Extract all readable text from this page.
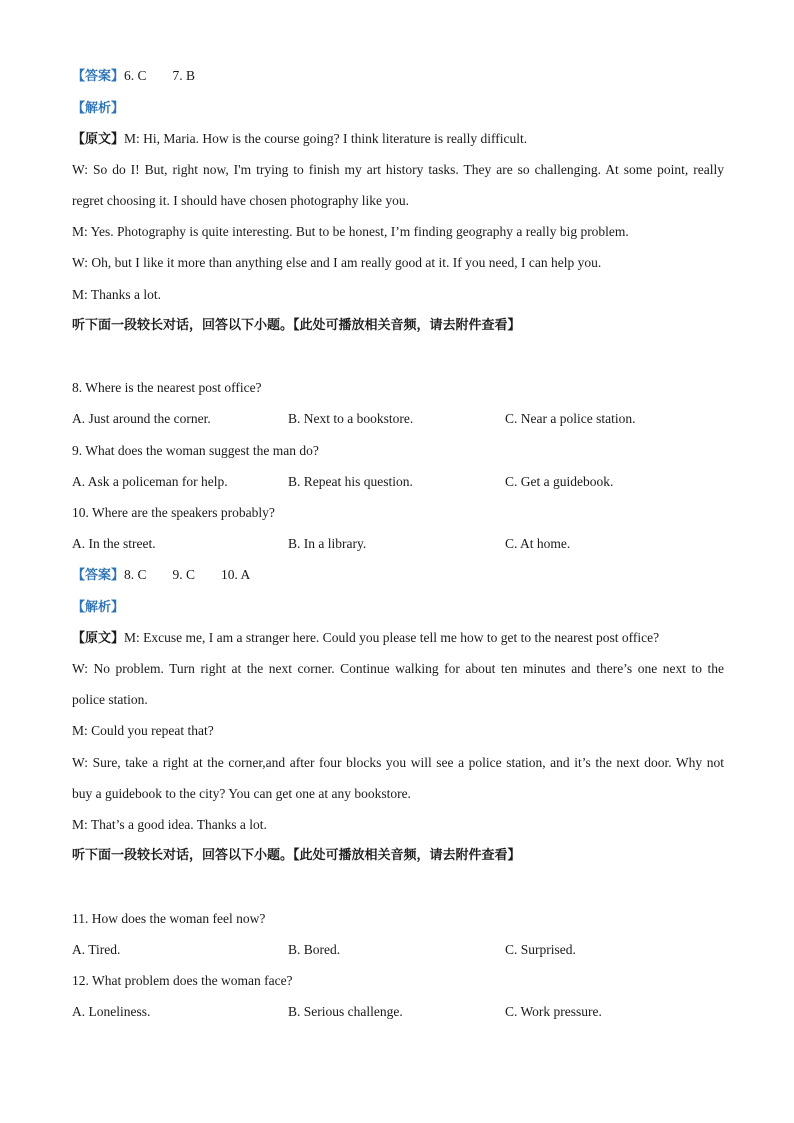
【答案】6. C 7. B
【解析】
【原文】M: Hi, Maria. How is the course going? I think literature is really difficult.
W: So do I! But, right now, I'm trying to finish my art history tasks. They are so challenging. At some point, really
regret choosing it. I should have chosen photography like you.
M: Yes. Photography is quite interesting. But to be honest, I’m finding geography a really big problem.
W: Oh, but I like it more than anything else and I am really good at it. If you need, I can help you.
M: Thanks a lot.
听下面一段较长对话，回答以下小题。【此处可播放相关音频，请去附件查看】
8. Where is the nearest post office?
A. Just around the corner.	B. Next to a bookstore.	C. Near a police station.
9. What does the woman suggest the man do?
A. Ask a policeman for help.	B. Repeat his question.	C. Get a guidebook.
10. Where are the speakers probably?
A. In the street.	B. In a library.	C. At home.
【答案】8. C 9. C 10. A
【解析】
【原文】M: Excuse me, I am a stranger here. Could you please tell me how to get to the nearest post office?
W: No problem. Turn right at the next corner. Continue walking for about ten minutes and there’s one next to the
police station.
M: Could you repeat that?
W: Sure, take a right at the corner,and after four blocks you will see a police station, and it’s the next door. Why not
buy a guidebook to the city? You can get one at any bookstore.
M: That’s a good idea. Thanks a lot.
听下面一段较长对话，回答以下小题。【此处可播放相关音频，请去附件查看】
11. How does the woman feel now?
A. Tired.	B. Bored.	C. Surprised.
12. What problem does the woman face?
A. Loneliness.	B. Serious challenge.	C. Work pressure.
